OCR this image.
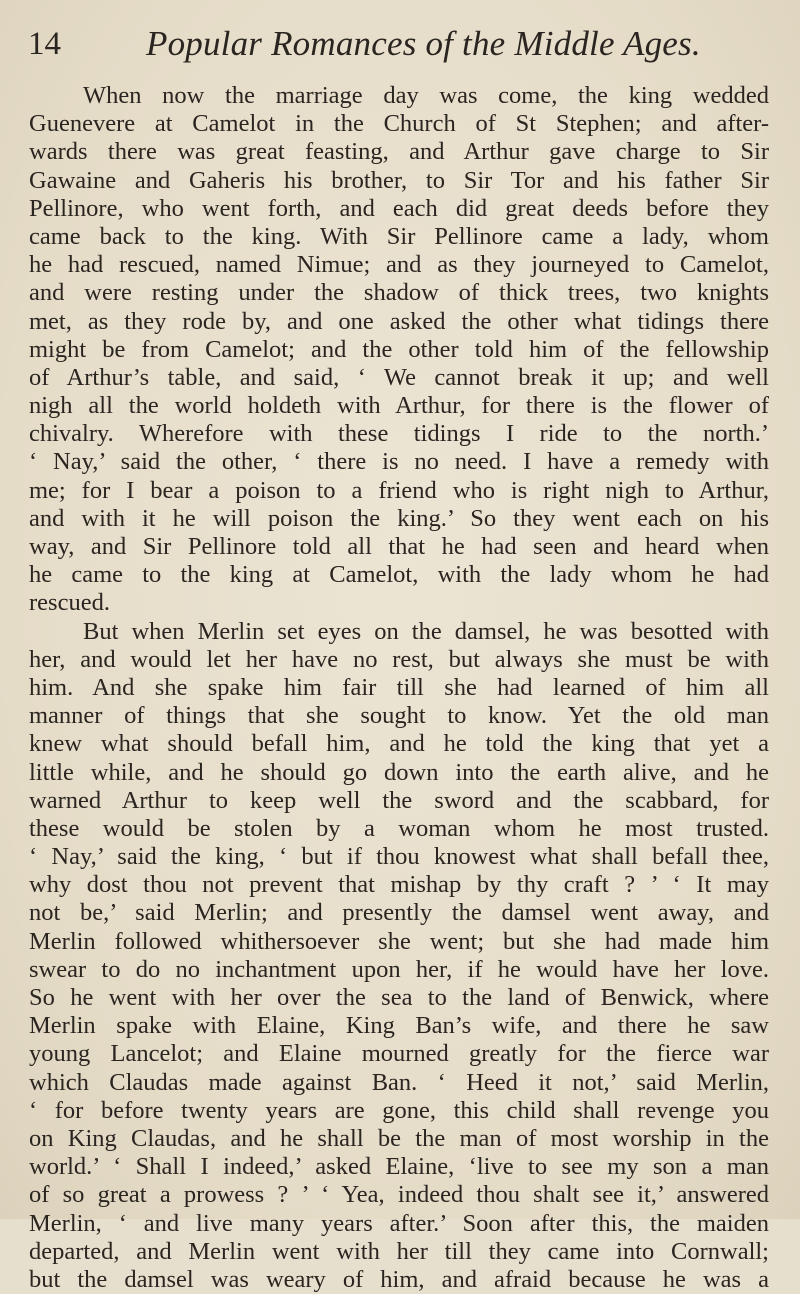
14 Popular Romances of the Middle Ages.
When now the marriage day was come, the king wedded
Guenevere at Camelot in the Church of St Stephen; and after-
wards there was great feasting, and Arthur gave charge to Sir
Gawaine and Gaheris his brother, to Sir Tor and his father Sir
Pellinore, who went forth, and each did great deeds before they
came back to the king. With Sir Pellinore came a lady, whom
he had rescued, named Nimue; and as they journeyed to Camelot,
and were resting under the shadow of thick trees, two knights
met, as they rode by, and one asked the other what tidings there
might be from Camelot; and the other told him of the fellowship
of Arthur’s table, and said, ‘ We cannot break it up; and well
nigh all the world holdeth with Arthur, for there is the flower of
chivalry. Wherefore with these tidings I ride to the north.’
‘ Nay,’ said the other, ‘ there is no need. I have a remedy with
me; for I bear a poison to a friend who is right nigh to Arthur,
and with it he will poison the king.’ So they went each on his
way, and Sir Pellinore told all that he had seen and heard when
he came to the king at Camelot, with the lady whom he had
rescued.
But when Merlin set eyes on the damsel, he was besotted with
her, and would let her have no rest, but always she must be with
him. And she spake him fair till she had learned of him all
manner of things that she sought to know. Yet the old man
knew what should befall him, and he told the king that yet a
little while, and he should go down into the earth alive, and he
warned Arthur to keep well the sword and the scabbard, for
these would be stolen by a woman whom he most trusted.
‘ Nay,’ said the king, ‘ but if thou knowest what shall befall thee,
why dost thou not prevent that mishap by thy craft ? ’ ‘ It may
not be,’ said Merlin; and presently the damsel went away, and
Merlin followed whithersoever she went; but she had made him
swear to do no inchantment upon her, if he would have her love.
So he went with her over the sea to the land of Benwick, where
Merlin spake with Elaine, King Ban’s wife, and there he saw
young Lancelot; and Elaine mourned greatly for the fierce war
which Claudas made against Ban. ‘ Heed it not,’ said Merlin,
‘ for before twenty years are gone, this child shall revenge you
on King Claudas, and he shall be the man of most worship in the
world.’ ‘ Shall I indeed,’ asked Elaine, ‘live to see my son a man
of so great a prowess ? ’ ‘ Yea, indeed thou shalt see it,’ answered
Merlin, ‘ and live many years after.’ Soon after this, the maiden
departed, and Merlin went with her till they came into Cornwall;
but the damsel was weary of him, and afraid because he was a
